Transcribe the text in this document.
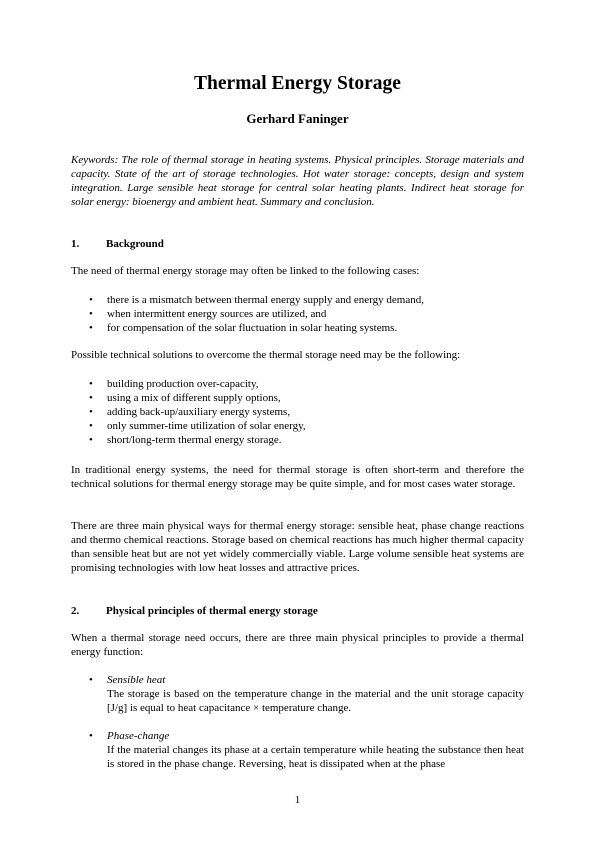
Thermal Energy Storage
Gerhard Faninger
Keywords: The role of thermal storage in heating systems. Physical principles. Storage materials and capacity. State of the art of storage technologies. Hot water storage: concepts, design and system integration. Large sensible heat storage for central solar heating plants. Indirect heat storage for solar energy: bioenergy and ambient heat. Summary and conclusion.
1. Background
The need of thermal energy storage may often be linked to the following cases:
• there is a mismatch between thermal energy supply and energy demand,
• when intermittent energy sources are utilized, and
• for compensation of the solar fluctuation in solar heating systems.
Possible technical solutions to overcome the thermal storage need may be the following:
• building production over-capacity,
• using a mix of different supply options,
• adding back-up/auxiliary energy systems,
• only summer-time utilization of solar energy,
• short/long-term thermal energy storage.
In traditional energy systems, the need for thermal storage is often short-term and therefore the technical solutions for thermal energy storage may be quite simple, and for most cases water storage.
There are three main physical ways for thermal energy storage: sensible heat, phase change reactions and thermo chemical reactions. Storage based on chemical reactions has much higher thermal capacity than sensible heat but are not yet widely commercially viable. Large volume sensible heat systems are promising technologies with low heat losses and attractive prices.
2. Physical principles of thermal energy storage
When a thermal storage need occurs, there are three main physical principles to provide a thermal energy function:
• Sensible heat
The storage is based on the temperature change in the material and the unit storage capacity [J/g] is equal to heat capacitance × temperature change.
• Phase-change
If the material changes its phase at a certain temperature while heating the substance then heat is stored in the phase change. Reversing, heat is dissipated when at the phase
1
